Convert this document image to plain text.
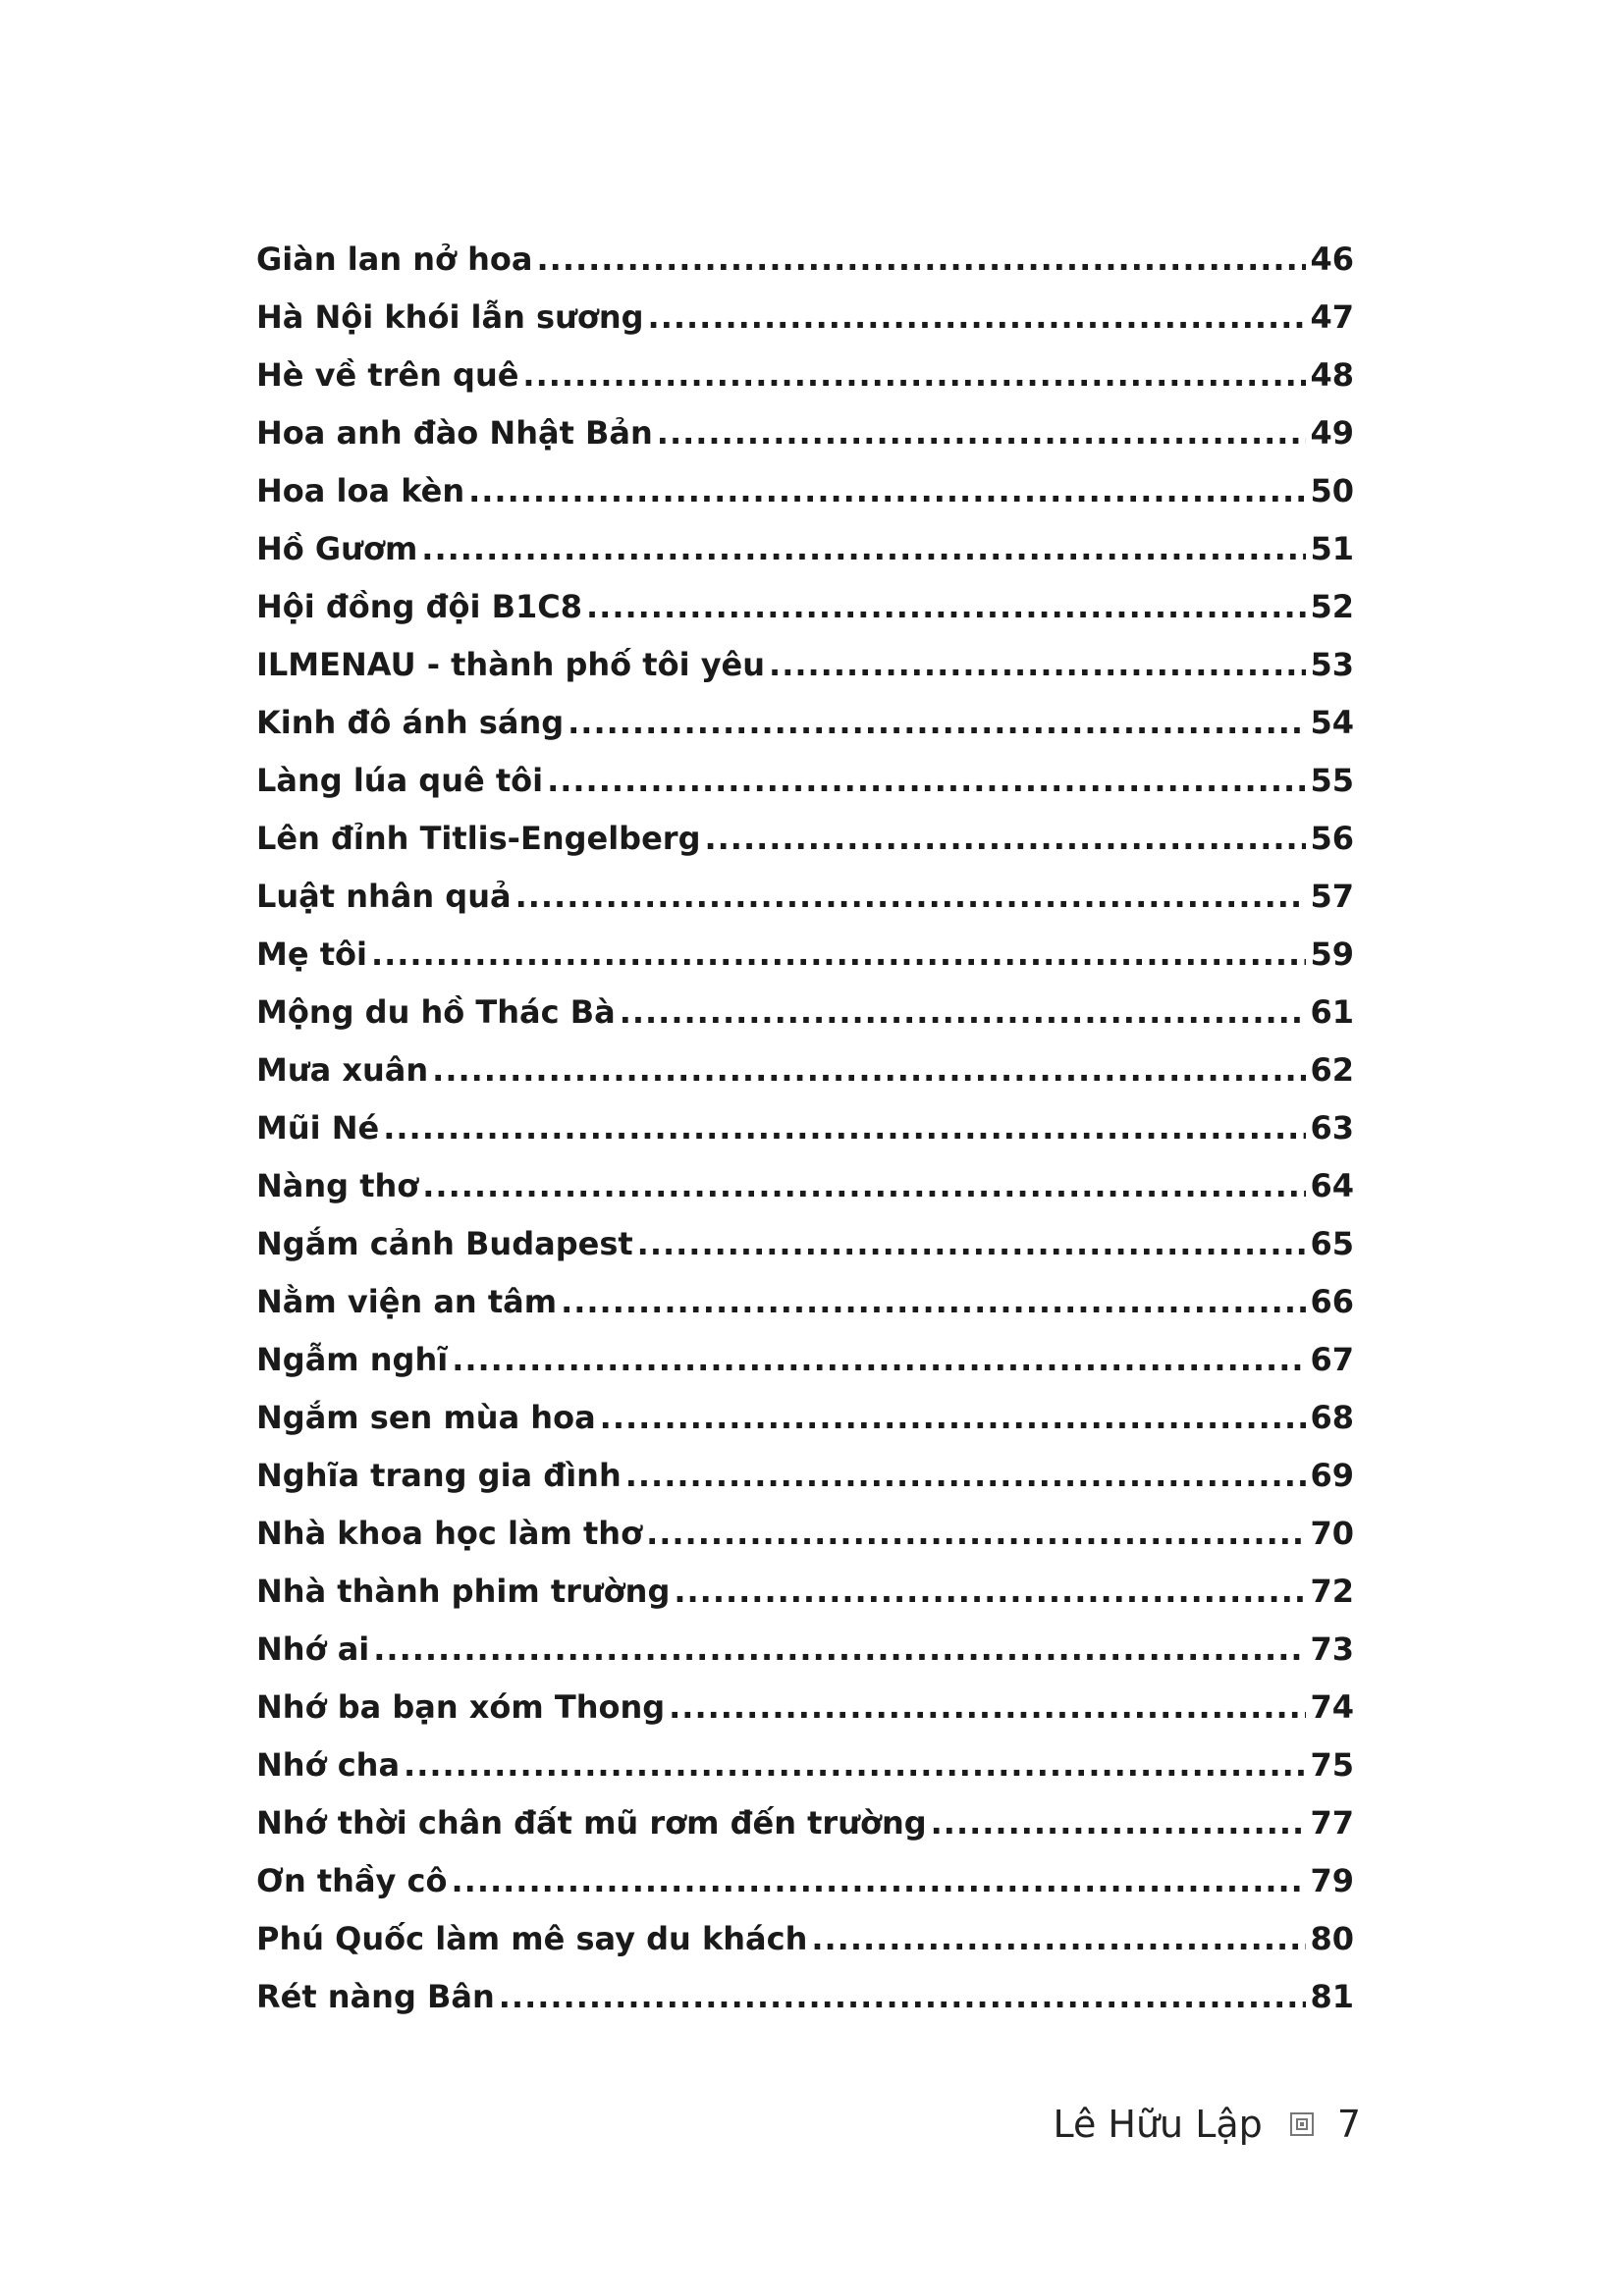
Giàn lan nở hoa .....	46
Hà Nội khói lẫn sương .....	47
Hè về trên quê .....	48
Hoa anh đào Nhật Bản .....	49
Hoa loa kèn .....	50
Hồ Gươm .....	51
Hội đồng đội B1C8 .....	52
ILMENAU - thành phố tôi yêu .....	53
Kinh đô ánh sáng .....	54
Làng lúa quê tôi .....	55
Lên đỉnh Titlis-Engelberg .....	56
Luật nhân quả .....	57
Mẹ tôi .....	59
Mộng du hồ Thác Bà .....	61
Mưa xuân .....	62
Mũi Né .....	63
Nàng thơ .....	64
Ngắm cảnh Budapest .....	65
Nằm viện an tâm .....	66
Ngẫm nghĩ .....	67
Ngắm sen mùa hoa .....	68
Nghĩa trang gia đình .....	69
Nhà khoa học làm thơ .....	70
Nhà thành phim trường .....	72
Nhớ ai .....	73
Nhớ ba bạn xóm Thong .....	74
Nhớ cha .....	75
Nhớ thời chân đất mũ rơm đến trường .....	77
Ơn thầy cô .....	79
Phú Quốc làm mê say du khách .....	80
Rét nàng Bân .....	81
Lê Hữu Lập 7
